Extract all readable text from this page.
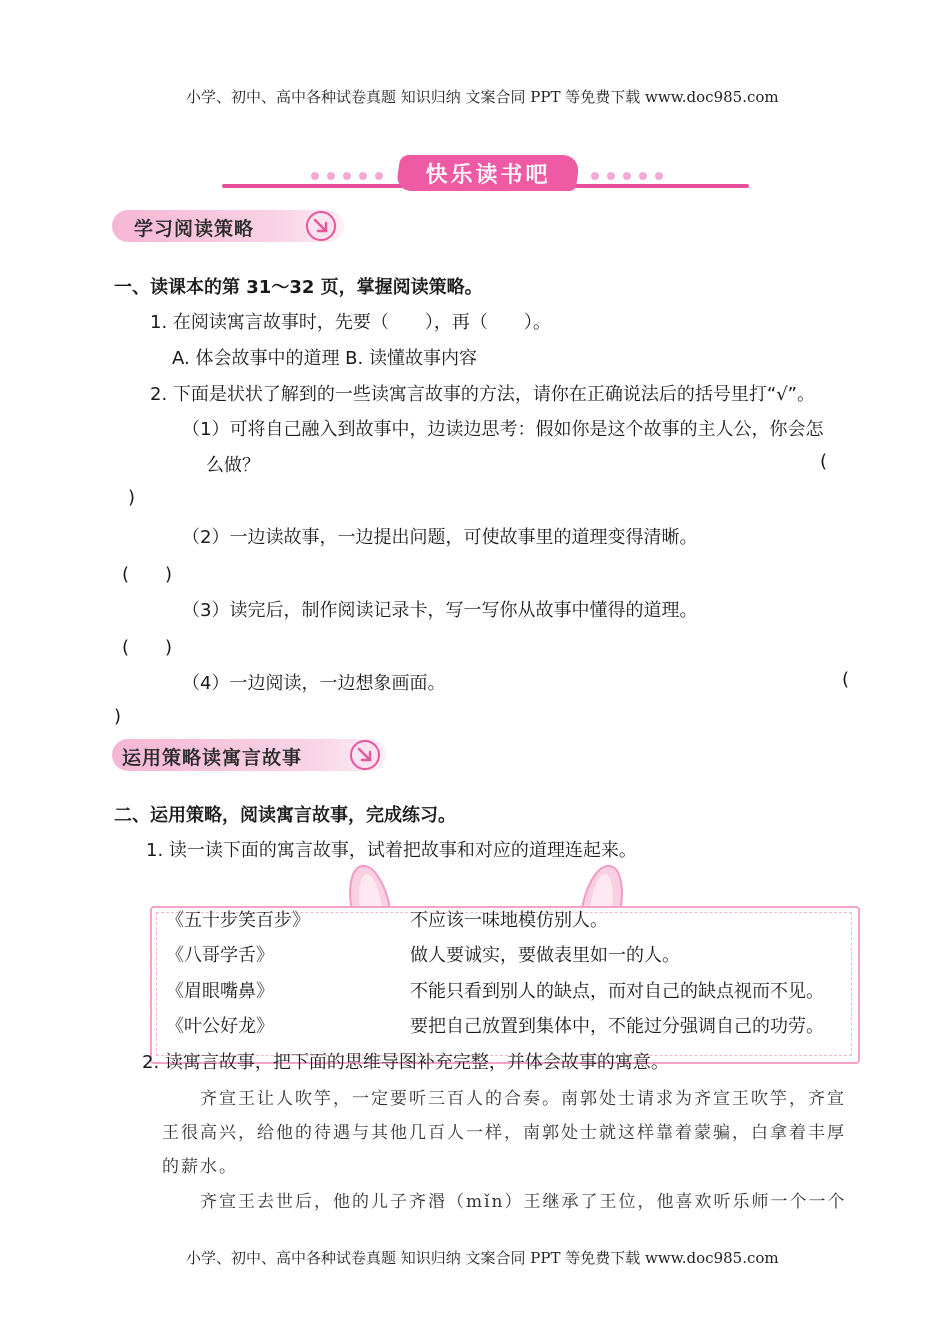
小学、初中、高中各种试卷真题 知识归纳 文案合同 PPT 等免费下载 www.doc985.com
快乐读书吧
学习阅读策略
一、读课本的第 31～32 页，掌握阅读策略。
1. 在阅读寓言故事时，先要（　　），再（　　）。
A. 体会故事中的道理 B. 读懂故事内容
2. 下面是状状了解到的一些读寓言故事的方法，请你在正确说法后的括号里打“√”。
（1）可将自己融入到故事中，边读边思考：假如你是这个故事的主人公，你会怎
么做？	(
)
（2）一边读故事，一边提出问题，可使故事里的道理变得清晰。
(　　)
（3）读完后，制作阅读记录卡，写一写你从故事中懂得的道理。
(　　)
（4）一边阅读，一边想象画面。	(
)
运用策略读寓言故事
二、运用策略，阅读寓言故事，完成练习。
1. 读一读下面的寓言故事，试着把故事和对应的道理连起来。
《五十步笑百步》
《八哥学舌》
《眉眼嘴鼻》
《叶公好龙》
不应该一味地模仿别人。
做人要诚实，要做表里如一的人。
不能只看到别人的缺点，而对自己的缺点视而不见。
要把自己放置到集体中，不能过分强调自己的功劳。
2. 读寓言故事，把下面的思维导图补充完整，并体会故事的寓意。
齐宣王让人吹竽，一定要听三百人的合奏。南郭处士请求为齐宣王吹竽，齐宣
王很高兴，给他的待遇与其他几百人一样，南郭处士就这样靠着蒙骗，白拿着丰厚
的薪水。
齐宣王去世后，他的儿子齐湣（mǐn）王继承了王位，他喜欢听乐师一个一个
小学、初中、高中各种试卷真题 知识归纳 文案合同 PPT 等免费下载 www.doc985.com
